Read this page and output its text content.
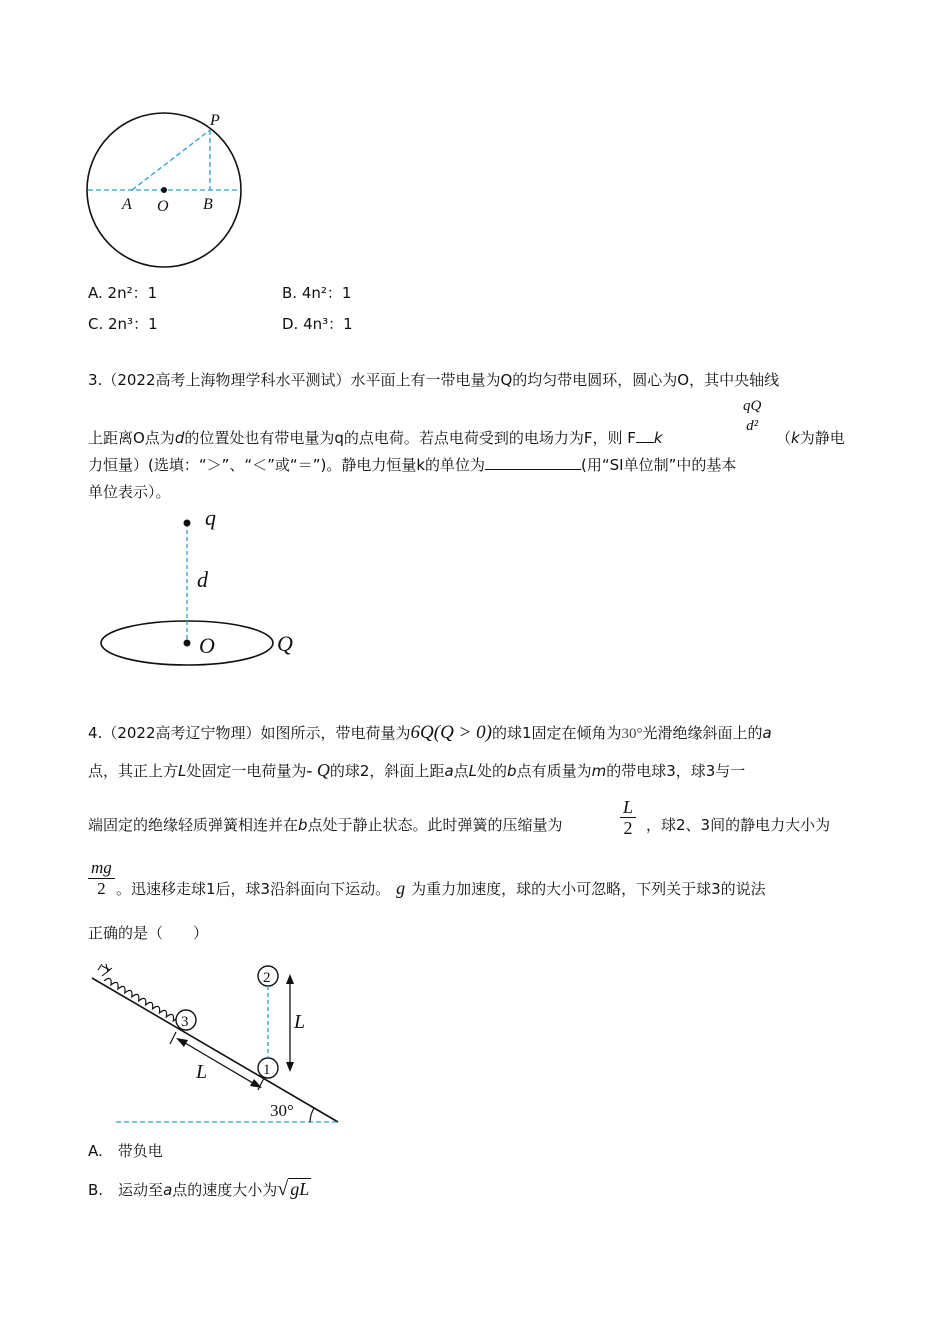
P
A O B
A. 2n²：1	B. 4n²：1
C. 2n³：1	D. 4n³：1
3.（2022高考上海物理学科水平测试）水平面上有一带电量为Q的均匀带电圆环，圆心为O，其中央轴线
上距离O点为d的位置处也有带电量为q的点电荷。若点电荷受到的电场力为F，则 F k
qQ
d²
（k为静电
力恒量）(选填：“＞”、“＜”或“＝”)。静电力恒量k的单位为	(用“SI单位制”中的基本
单位表示）。
q
d
O	Q
4.（2022高考辽宁物理）如图所示，带电荷量为6Q(Q > 0)的球1固定在倾角为30°光滑绝缘斜面上的a
点，其正上方L处固定一电荷量为- Q的球2，斜面上距a点L处的b点有质量为m的带电球3，球3与一
端固定的绝缘轻质弹簧相连并在b点处于静止状态。此时弹簧的压缩量为	$\frac{L}{2}$ ，球2、3间的静电力大小为
$\frac{mg}{2}$ 。迅速移走球1后，球3沿斜面向下运动。 g 为重力加速度，球的大小可忽略，下列关于球3的说法
正确的是（　　）
30°
3
1
2
L
L
A.　带负电
B.　运动至a点的速度大小为√ gL
